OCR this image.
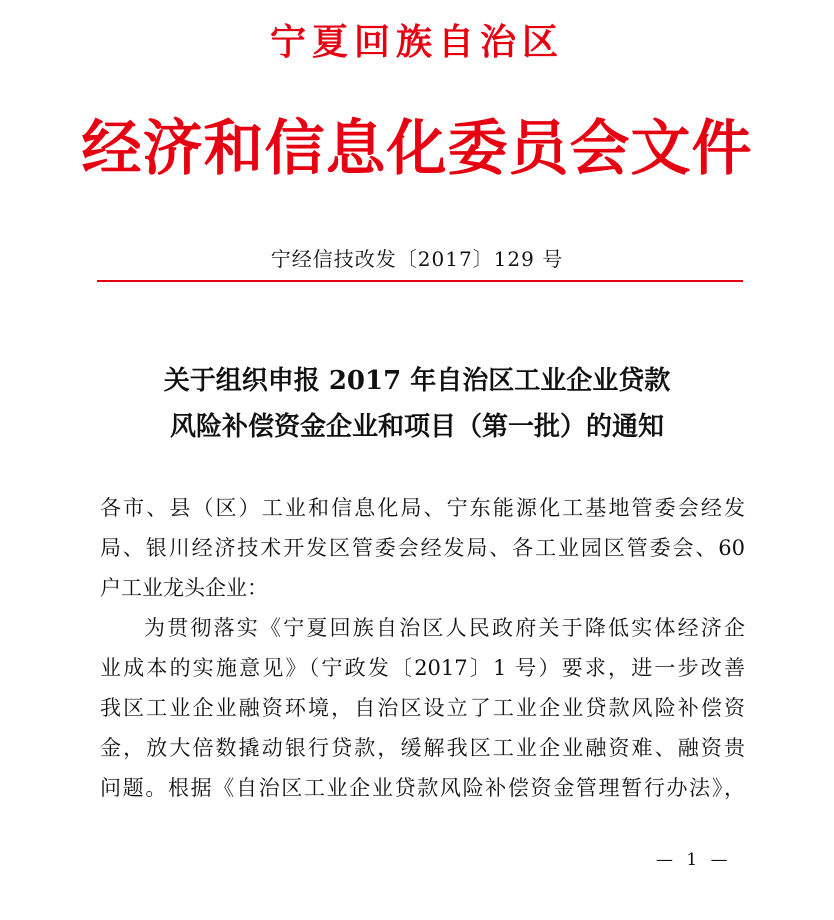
宁夏回族自治区
经济和信息化委员会文件
宁经信技改发〔2017〕129 号
关于组织申报 2017 年自治区工业企业贷款
风险补偿资金企业和项目（第一批）的通知

各市、县（区）工业和信息化局、宁东能源化工基地管委会经发
局、银川经济技术开发区管委会经发局、各工业园区管委会、60
户工业龙头企业：

为贯彻落实《宁夏回族自治区人民政府关于降低实体经济企
业成本的实施意见》（宁政发〔2017〕1 号）要求，进一步改善
我区工业企业融资环境，自治区设立了工业企业贷款风险补偿资
金，放大倍数撬动银行贷款，缓解我区工业企业融资难、融资贵
问题。根据《自治区工业企业贷款风险补偿资金管理暂行办法》，

— 1 —
